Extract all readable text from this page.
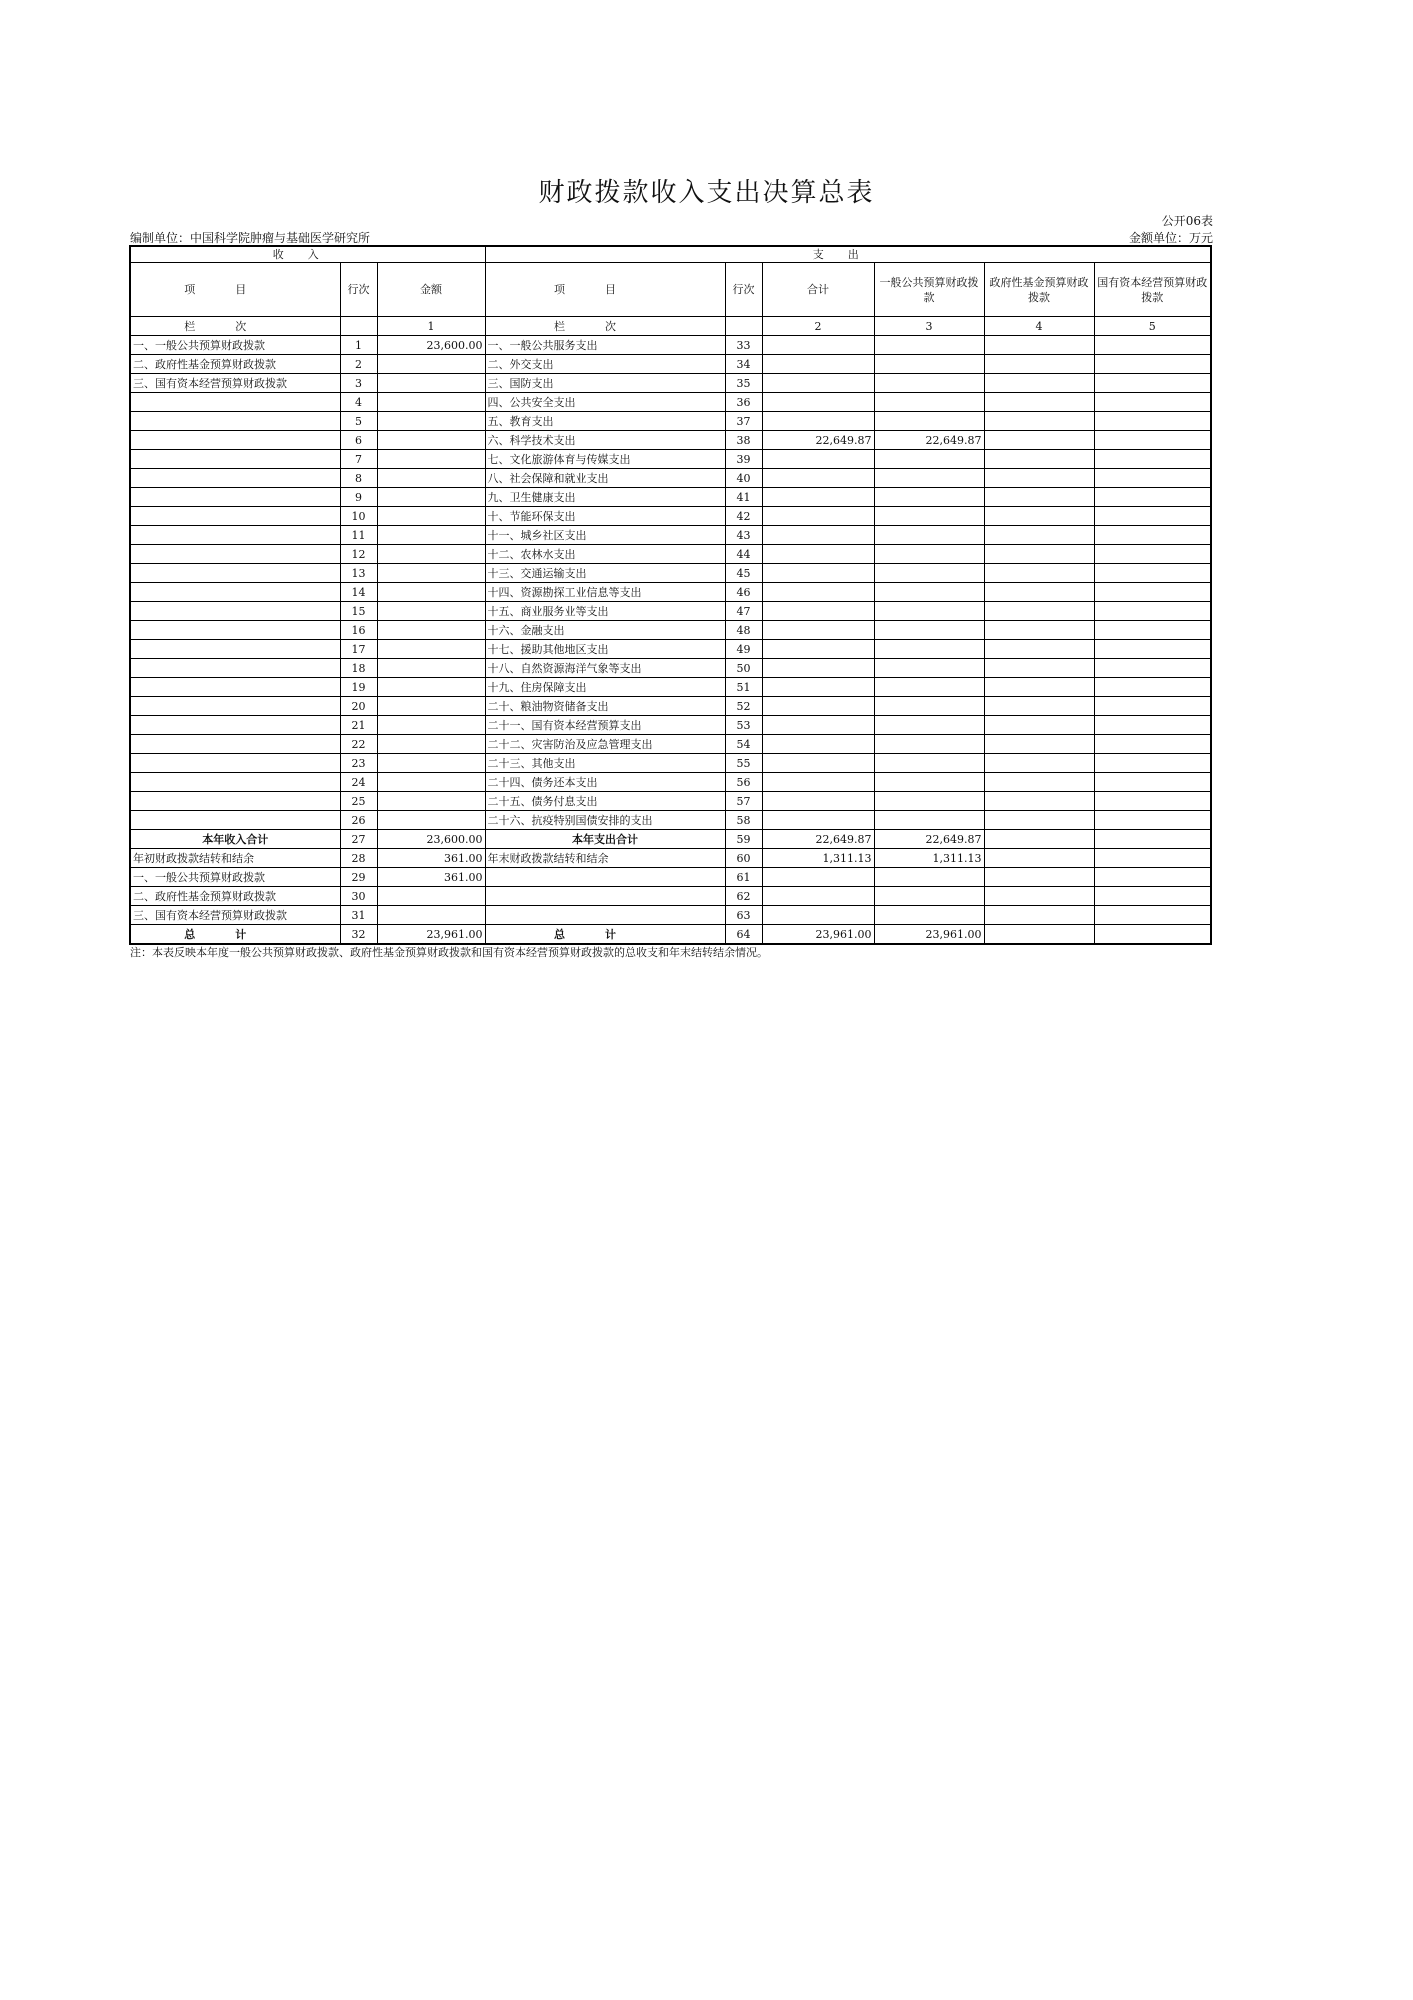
财政拨款收入支出决算总表
公开06表
编制单位：中国科学院肿瘤与基础医学研究所	金额单位：万元
收入			支出					
项目	行次	金额	项目	行次	合计	一般公共预算财政拨款	政府性基金预算财政拨款	国有资本经营预算财政拨款
栏次		1	栏次		2	3	4	5
一、一般公共预算财政拨款	1	23,600.00	一、一般公共服务支出	33				
二、政府性基金预算财政拨款	2		二、外交支出	34				
三、国有资本经营预算财政拨款	3		三、国防支出	35				
	4		四、公共安全支出	36				
	5		五、教育支出	37				
	6		六、科学技术支出	38	22,649.87	22,649.87		
	7		七、文化旅游体育与传媒支出	39				
	8		八、社会保障和就业支出	40				
	9		九、卫生健康支出	41				
	10		十、节能环保支出	42				
	11		十一、城乡社区支出	43				
	12		十二、农林水支出	44				
	13		十三、交通运输支出	45				
	14		十四、资源勘探工业信息等支出	46				
	15		十五、商业服务业等支出	47				
	16		十六、金融支出	48				
	17		十七、援助其他地区支出	49				
	18		十八、自然资源海洋气象等支出	50				
	19		十九、住房保障支出	51				
	20		二十、粮油物资储备支出	52				
	21		二十一、国有资本经营预算支出	53				
	22		二十二、灾害防治及应急管理支出	54				
	23		二十三、其他支出	55				
	24		二十四、债务还本支出	56				
	25		二十五、债务付息支出	57				
	26		二十六、抗疫特别国债安排的支出	58				
本年收入合计	27	23,600.00	本年支出合计	59	22,649.87	22,649.87		
年初财政拨款结转和结余	28	361.00	年末财政拨款结转和结余	60	1,311.13	1,311.13		
一、一般公共预算财政拨款	29	361.00		61				
二、政府性基金预算财政拨款	30			62				
三、国有资本经营预算财政拨款	31			63				
总计	32	23,961.00	总计	64	23,961.00	23,961.00		
注：本表反映本年度一般公共预算财政拨款、政府性基金预算财政拨款和国有资本经营预算财政拨款的总收支和年末结转结余情况。
